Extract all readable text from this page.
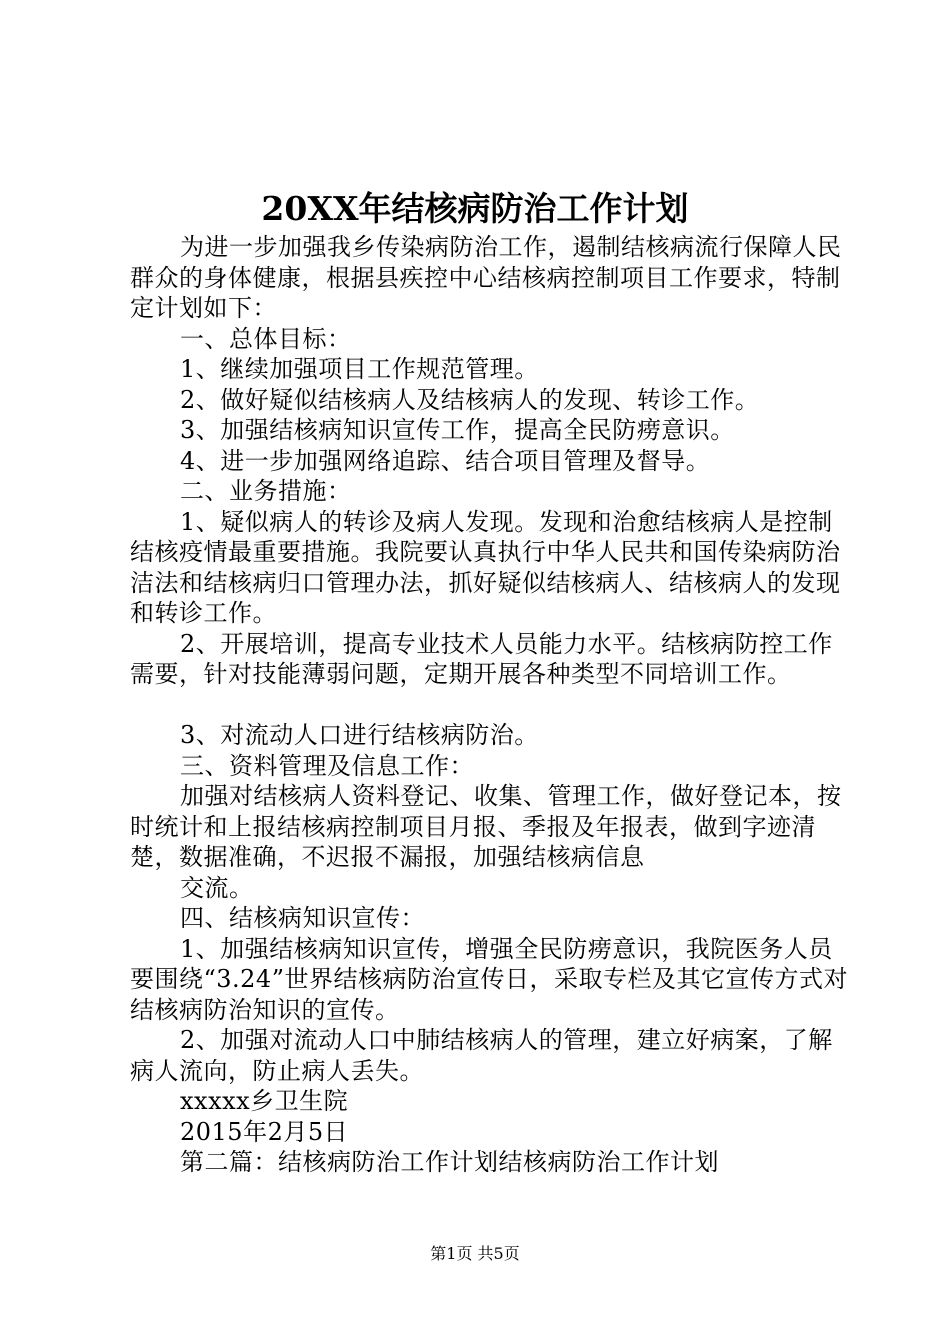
20XX年结核病防治工作计划

为进一步加强我乡传染病防治工作，遏制结核病流行保障人民群众的身体健康，根据县疾控中心结核病控制项目工作要求，特制定计划如下：

一、总体目标：

1、继续加强项目工作规范管理。

2、做好疑似结核病人及结核病人的发现、转诊工作。

3、加强结核病知识宣传工作，提高全民防痨意识。

4、进一步加强网络追踪、结合项目管理及督导。

二、业务措施：

1、疑似病人的转诊及病人发现。发现和治愈结核病人是控制结核疫情最重要措施。我院要认真执行中华人民共和国传染病防治洁法和结核病归口管理办法，抓好疑似结核病人、结核病人的发现和转诊工作。

2、开展培训，提高专业技术人员能力水平。结核病防控工作需要，针对技能薄弱问题，定期开展各种类型不同培训工作。

3、对流动人口进行结核病防治。

三、资料管理及信息工作：

加强对结核病人资料登记、收集、管理工作，做好登记本，按时统计和上报结核病控制项目月报、季报及年报表，做到字迹清楚，数据准确，不迟报不漏报，加强结核病信息

交流。

四、结核病知识宣传：

1、加强结核病知识宣传，增强全民防痨意识，我院医务人员要围绕“3.24”世界结核病防治宣传日，采取专栏及其它宣传方式对结核病防治知识的宣传。

2、加强对流动人口中肺结核病人的管理，建立好病案，了解病人流向，防止病人丢失。

xxxxx乡卫生院

2015年2月5日

第二篇：结核病防治工作计划结核病防治工作计划

第1页 共5页
